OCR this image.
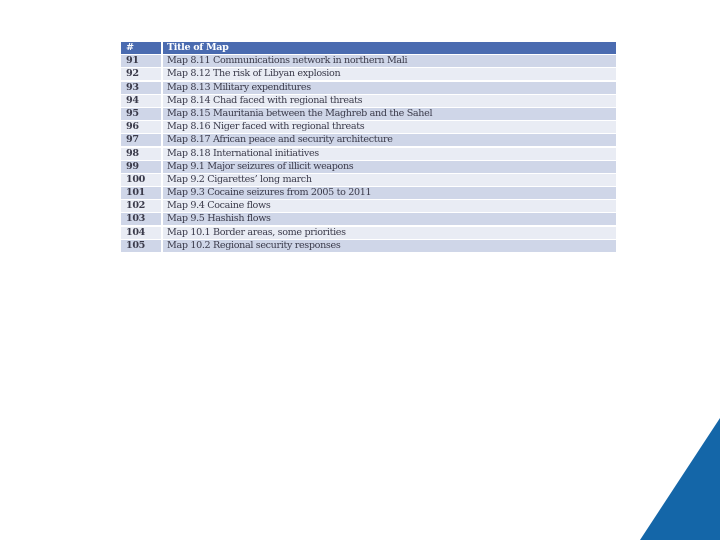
#	Title of Map
91	Map 8.11 Communications network in northern Mali
92	Map 8.12 The risk of Libyan explosion
93	Map 8.13 Military expenditures
94	Map 8.14 Chad faced with regional threats
95	Map 8.15 Mauritania between the Maghreb and the Sahel
96	Map 8.16 Niger faced with regional threats
97	Map 8.17 African peace and security architecture
98	Map 8.18 International initiatives
99	Map 9.1 Major seizures of illicit weapons
100	Map 9.2 Cigarettes’ long march
101	Map 9.3 Cocaine seizures from 2005 to 2011
102	Map 9.4 Cocaine flows
103	Map 9.5 Hashish flows
104	Map 10.1 Border areas, some priorities
105	Map 10.2 Regional security responses
